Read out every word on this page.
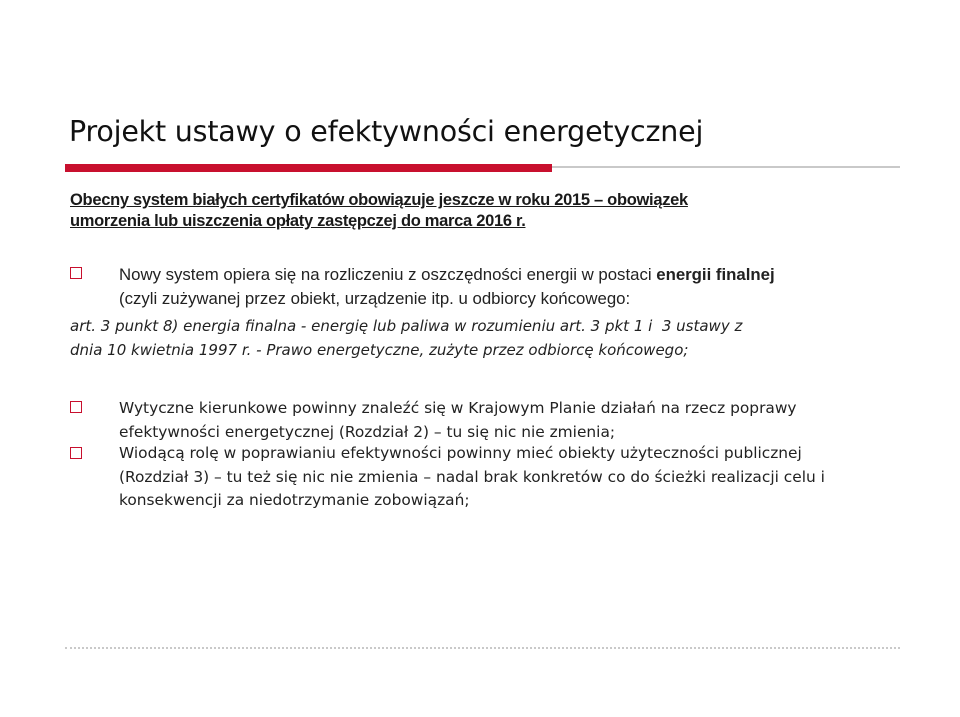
Projekt ustawy o efektywności energetycznej
Obecny system białych certyfikatów obowiązuje jeszcze w roku 2015 – obowiązek
umorzenia lub uiszczenia opłaty zastępczej do marca 2016 r.
Nowy system opiera się na rozliczeniu z oszczędności energii w postaci energii finalnej
(czyli zużywanej przez obiekt, urządzenie itp. u odbiorcy końcowego:
art. 3 punkt 8) energia finalna - energię lub paliwa w rozumieniu art. 3 pkt 1 i  3 ustawy z
dnia 10 kwietnia 1997 r. - Prawo energetyczne, zużyte przez odbiorcę końcowego;
Wytyczne kierunkowe powinny znaleźć się w Krajowym Planie działań na rzecz poprawy efektywności energetycznej (Rozdział 2) – tu się nic nie zmienia;
Wiodącą rolę w poprawianiu efektywności powinny mieć obiekty użyteczności publicznej (Rozdział 3) – tu też się nic nie zmienia – nadal brak konkretów co do ścieżki realizacji celu i konsekwencji za niedotrzymanie zobowiązań;
